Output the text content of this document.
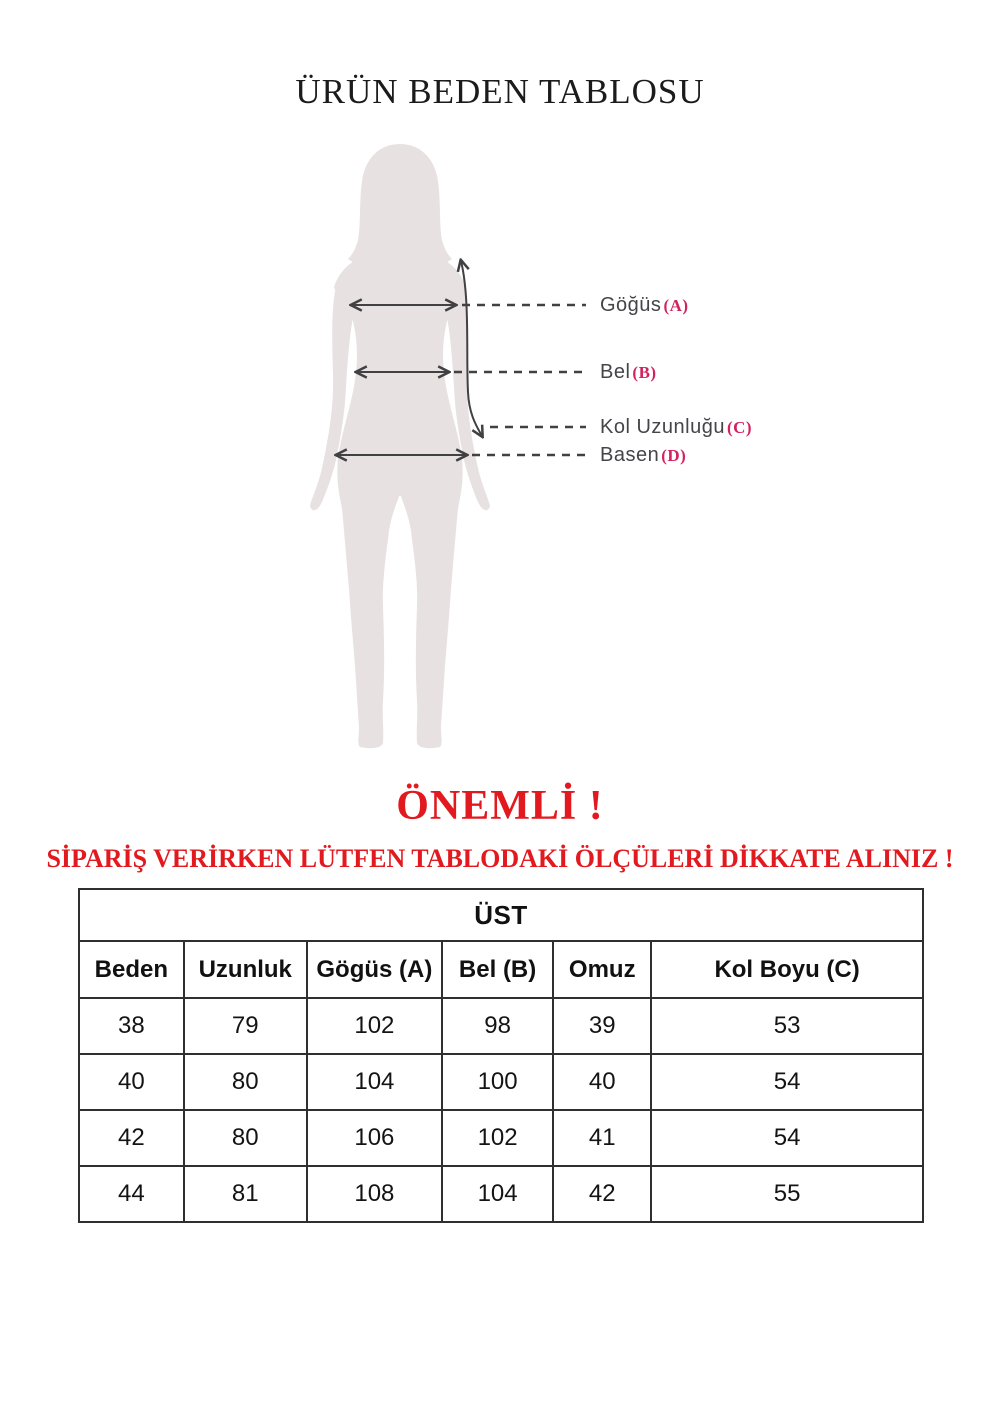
ÜRÜN BEDEN TABLOSU
Göğüs (A)
Bel (B)
Kol Uzunluğu (C)
Basen (D)
ÖNEMLİ !

SİPARİŞ VERİRKEN LÜTFEN TABLODAKİ ÖLÇÜLERİ DİKKATE ALINIZ !

ÜST					
Beden	Uzunluk	Gögüs (A)	Bel (B)	Omuz	Kol Boyu (C)
38	79	102	98	39	53
40	80	104	100	40	54
42	80	106	102	41	54
44	81	108	104	42	55
